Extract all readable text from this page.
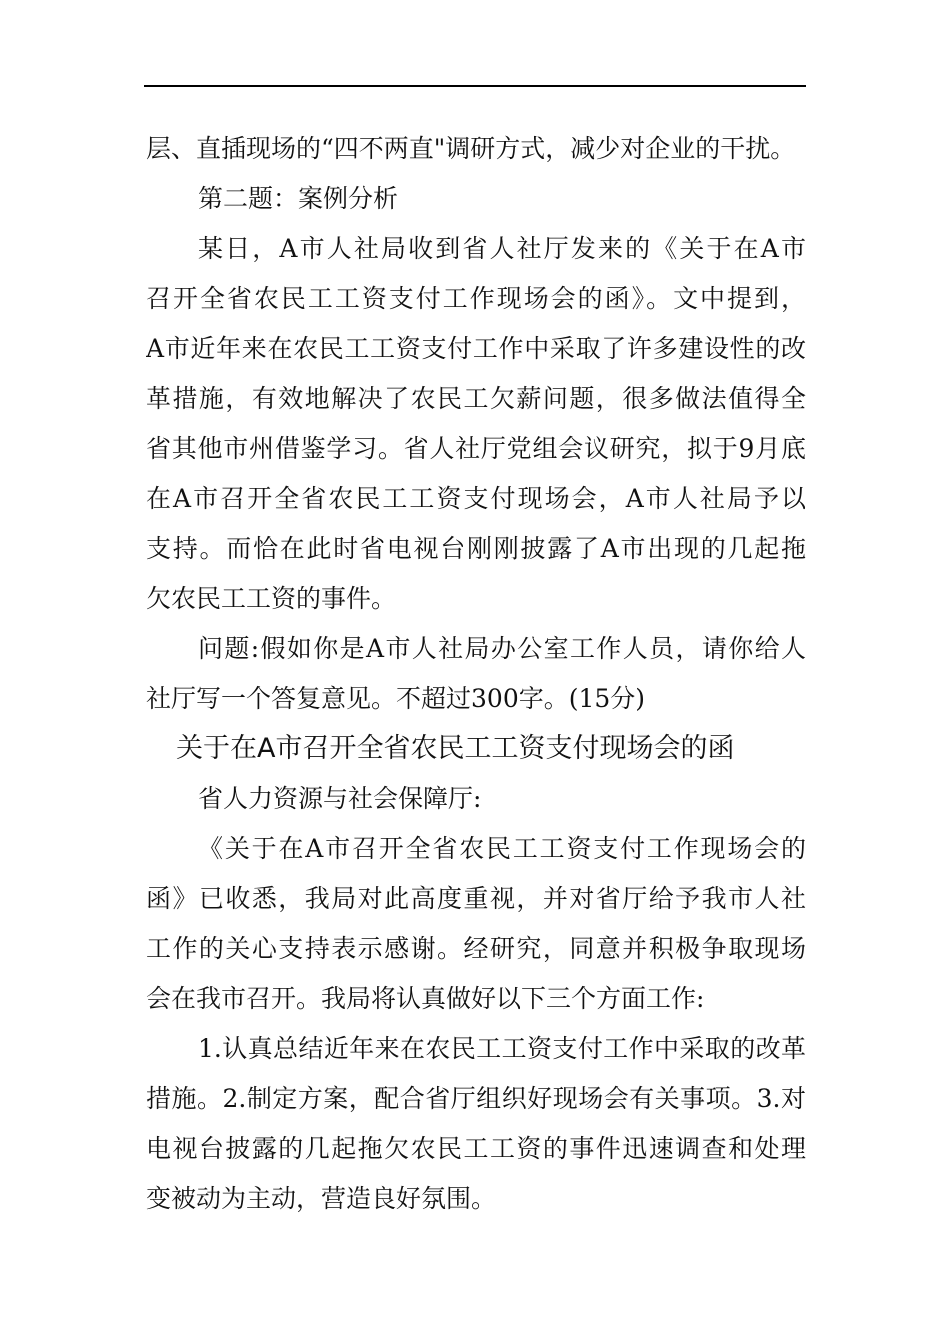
层、直插现场的“四不两直"调研方式，减少对企业的干扰。
第二题：案例分析
某日，A市人社局收到省人社厅发来的《关于在A市
召开全省农民工工资支付工作现场会的函》。文中提到，
A市近年来在农民工工资支付工作中采取了许多建设性的改
革措施，有效地解决了农民工欠薪问题，很多做法值得全
省其他市州借鉴学习。省人社厅党组会议研究，拟于9月底
在A市召开全省农民工工资支付现场会，A市人社局予以
支持。而恰在此时省电视台刚刚披露了A市出现的几起拖
欠农民工工资的事件。
问题:假如你是A市人社局办公室工作人员，请你给人
社厅写一个答复意见。不超过300字。(15分)
关于在A市召开全省农民工工资支付现场会的函
省人力资源与社会保障厅:
《关于在A市召开全省农民工工资支付工作现场会的
函》已收悉，我局对此高度重视，并对省厅给予我市人社
工作的关心支持表示感谢。经研究，同意并积极争取现场
会在我市召开。我局将认真做好以下三个方面工作:
1.认真总结近年来在农民工工资支付工作中采取的改革
措施。2.制定方案，配合省厅组织好现场会有关事项。3.对
电视台披露的几起拖欠农民工工资的事件迅速调查和处理
变被动为主动，营造良好氛围。
